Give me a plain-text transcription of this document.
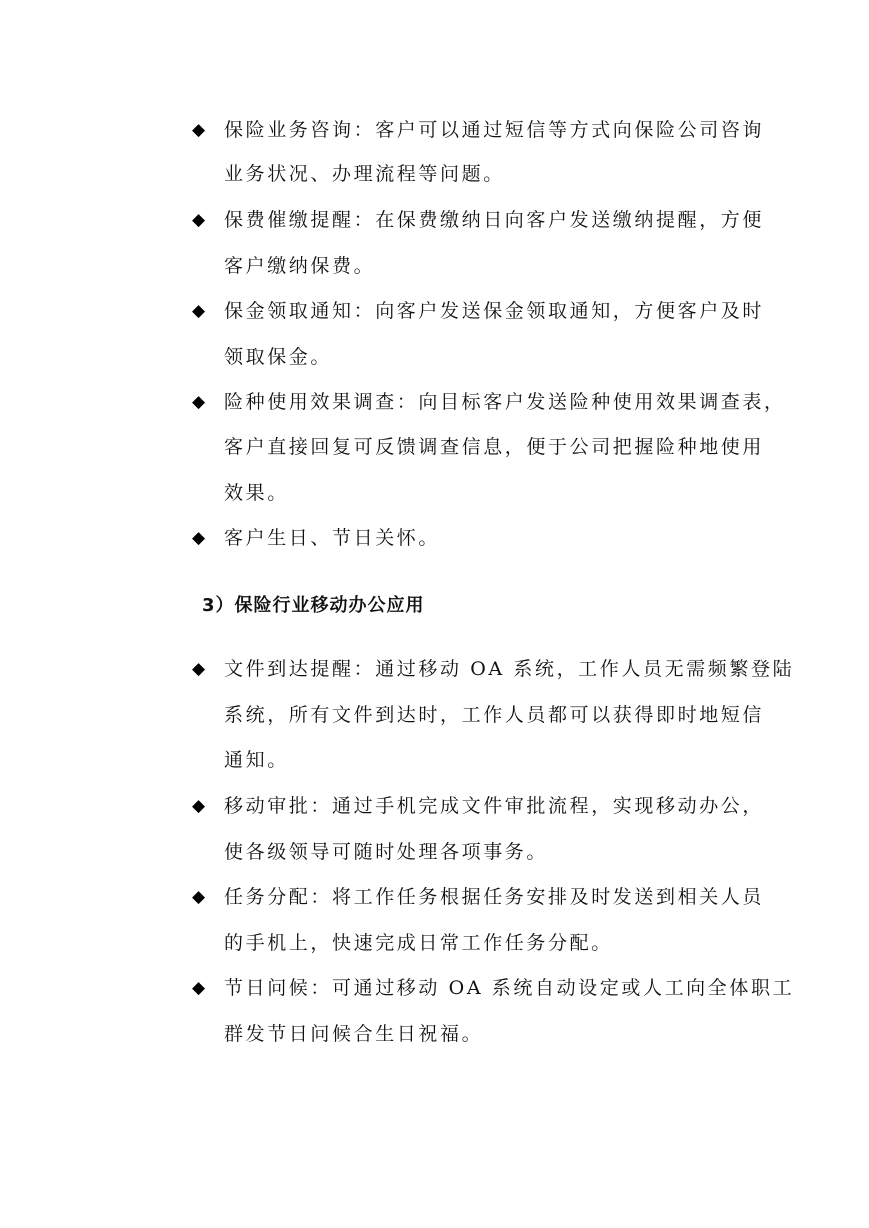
◆ 保险业务咨询：客户可以通过短信等方式向保险公司咨询
业务状况、办理流程等问题。
◆ 保费催缴提醒：在保费缴纳日向客户发送缴纳提醒，方便
客户缴纳保费。
◆ 保金领取通知：向客户发送保金领取通知，方便客户及时
领取保金。
◆ 险种使用效果调查：向目标客户发送险种使用效果调查表，
客户直接回复可反馈调查信息，便于公司把握险种地使用
效果。
◆ 客户生日、节日关怀。
3）保险行业移动办公应用
◆ 文件到达提醒：通过移动 OA 系统，工作人员无需频繁登陆
系统，所有文件到达时，工作人员都可以获得即时地短信
通知。
◆ 移动审批：通过手机完成文件审批流程，实现移动办公，
使各级领导可随时处理各项事务。
◆ 任务分配：将工作任务根据任务安排及时发送到相关人员
的手机上，快速完成日常工作任务分配。
◆ 节日问候：可通过移动 OA 系统自动设定或人工向全体职工
群发节日问候合生日祝福。
